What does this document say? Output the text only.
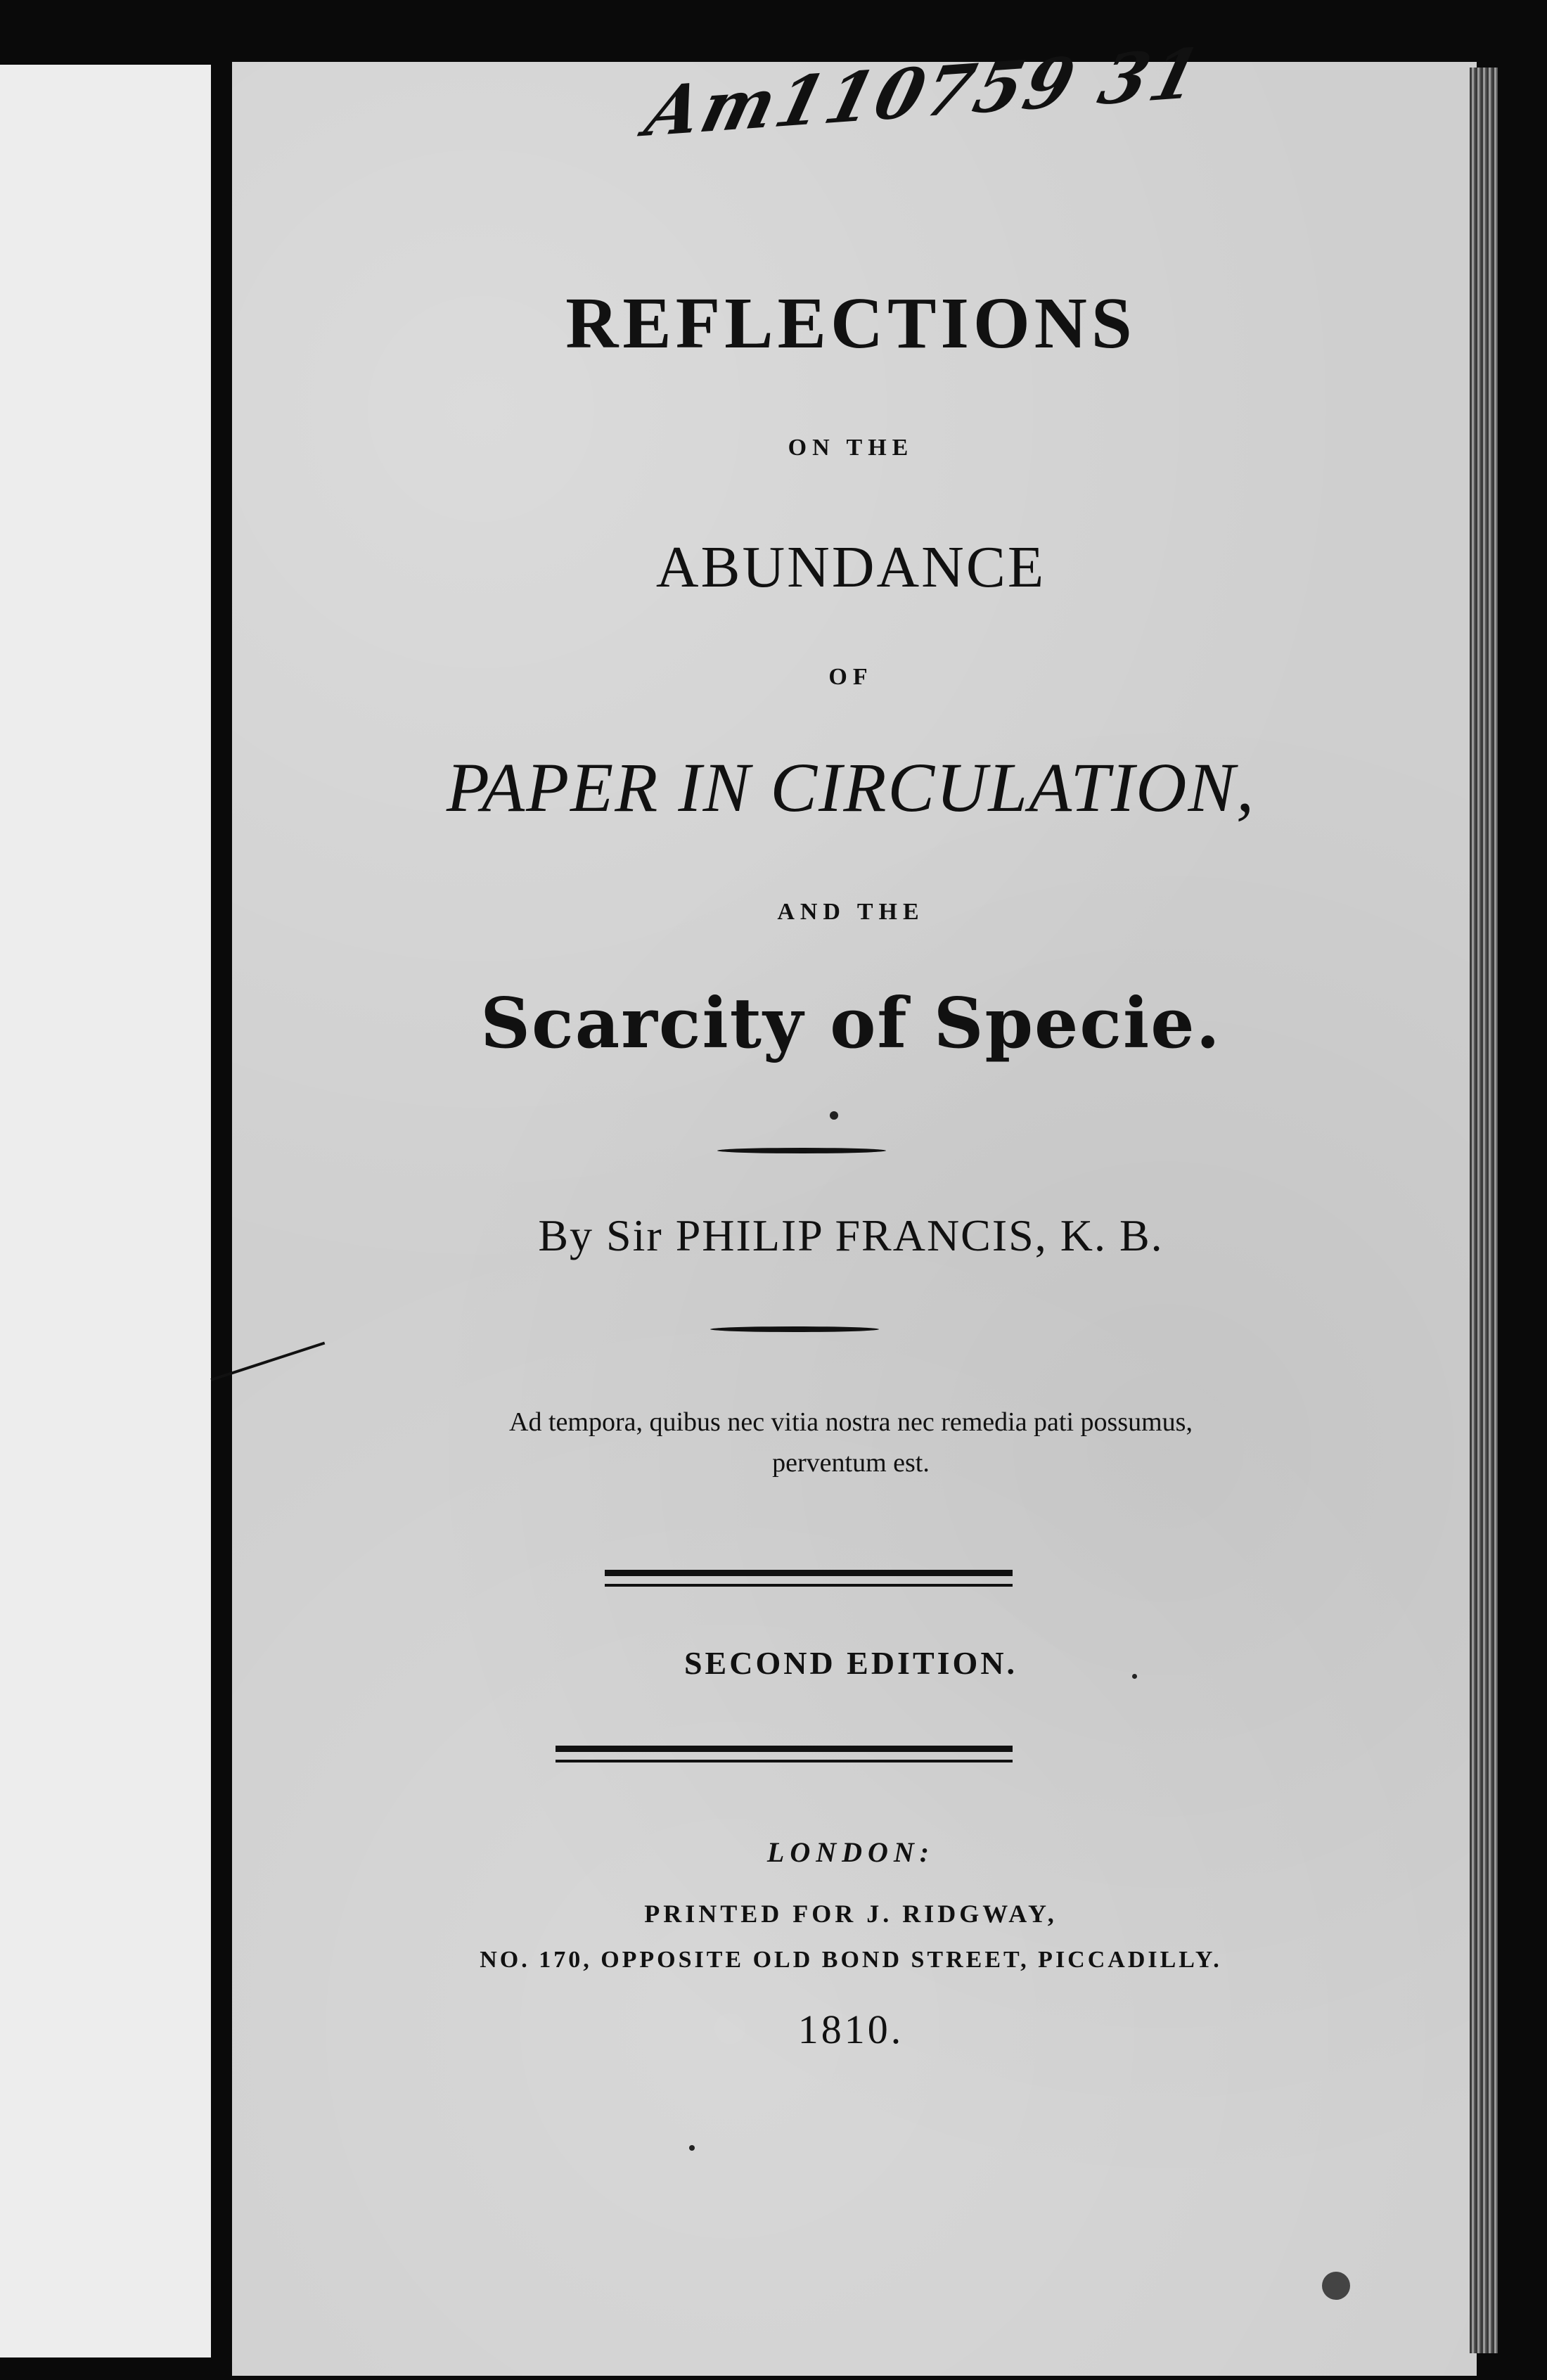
Am110759 31
REFLECTIONS
ON THE
ABUNDANCE
OF
PAPER IN CIRCULATION,
AND THE
Scarcity of Specie.
By Sir PHILIP FRANCIS, K. B.
Ad tempora, quibus nec vitia nostra nec remedia pati possumus,
perventum est.
SECOND EDITION.
LONDON:
PRINTED FOR J. RIDGWAY,
NO. 170, OPPOSITE OLD BOND STREET, PICCADILLY.
1810.
